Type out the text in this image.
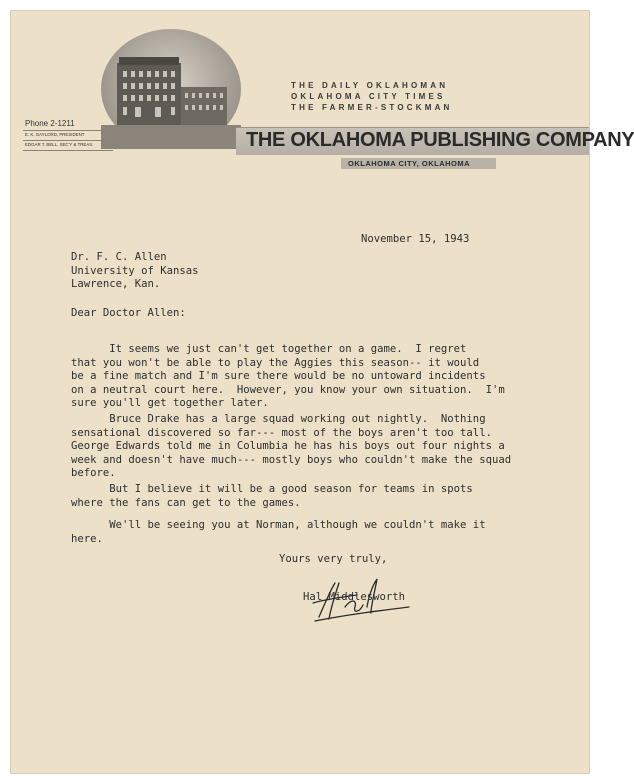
THE DAILY OKLAHOMAN
OKLAHOMA CITY TIMES
THE FARMER-STOCKMAN
Phone 2-1211
E. K. GAYLORD, PRESIDENT
EDGAR T. BELL, SEC'Y & TREAS.	THE OKLAHOMA PUBLISHING COMPANY
OKLAHOMA CITY, OKLAHOMA
November 15, 1943
Dr. F. C. Allen
University of Kansas
Lawrence, Kan.
Dear Doctor Allen:

It seems we just can't get together on a game.  I regret

that you won't be able to play the Aggies this season-- it would

be a fine match and I'm sure there would be no untoward incidents

on a neutral court here.  However, you know your own situation.  I'm

sure you'll get together later.

Bruce Drake has a large squad working out nightly.  Nothing

sensational discovered so far--- most of the boys aren't too tall.

George Edwards told me in Columbia he has his boys out four nights a

week and doesn't have much--- mostly boys who couldn't make the squad

before.

But I believe it will be a good season for teams in spots

where the fans can get to the games.

We'll be seeing you at Norman, although we couldn't make it

here.

Yours very truly,

Hal Middlesworth
